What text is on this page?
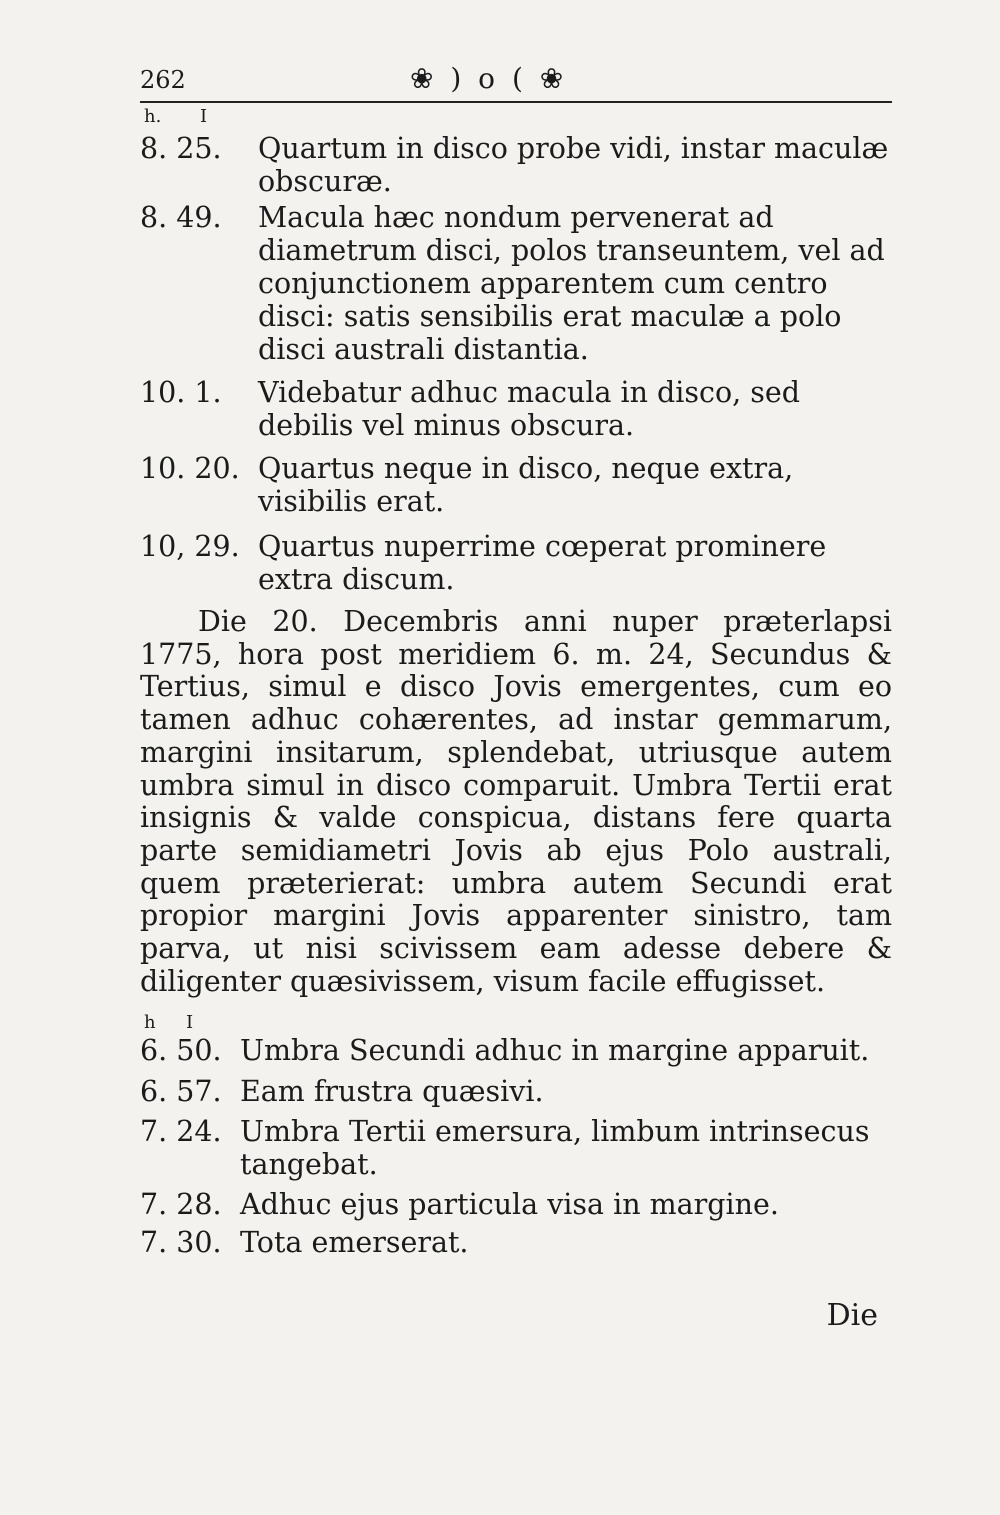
262	❀ ) o ( ❀
h. I
8. 25.	Quartum in disco probe vidi, instar maculæ obscuræ.
8. 49.	Macula hæc nondum pervenerat ad diametrum disci, polos transeuntem, vel ad conjunctionem apparentem cum centro disci: satis sensibilis erat maculæ a polo disci australi distantia.
10. 1.	Videbatur adhuc macula in disco, sed debilis vel minus obscura.
10. 20. Quartus neque in disco, neque extra, visibilis erat.
10, 29. Quartus nuperrime cœperat prominere extra discum.

Die 20. Decembris anni nuper præterlapsi 1775, hora post meridiem 6. m. 24, Secundus & Tertius, simul e disco Jovis emergentes, cum eo tamen adhuc cohærentes, ad instar gemmarum, margini insitarum, splendebat, utriusque autem umbra simul in disco comparuit. Umbra Tertii erat insignis & valde conspicua, distans fere quarta parte semidiametri Jovis ab ejus Polo australi, quem præterierat: umbra autem Secundi erat propior margini Jovis apparenter sinistro, tam parva, ut nisi scivissem eam adesse debere & diligenter quæsivissem, visum facile effugisset.

h I
6. 50. Umbra Secundi adhuc in margine apparuit.
6. 57. Eam frustra quæsivi.
7. 24. Umbra Tertii emersura, limbum intrinsecus tangebat.
7. 28. Adhuc ejus particula visa in margine.
7. 30. Tota emerserat.
Die
